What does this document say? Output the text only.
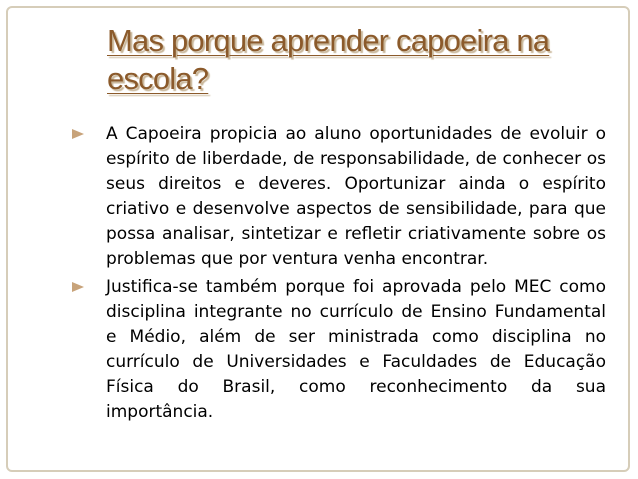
Mas porque aprender capoeira na escola?
A Capoeira propicia ao aluno oportunidades de evoluir o espírito de liberdade, de responsabilidade, de conhecer os seus direitos e deveres. Oportunizar ainda o espírito criativo e desenvolve aspectos de sensibilidade, para que possa analisar, sintetizar e refletir criativamente sobre os problemas que por ventura venha encontrar.
Justifica-se também porque foi aprovada pelo MEC como disciplina integrante no currículo de Ensino Fundamental e Médio, além de ser ministrada como disciplina no currículo de Universidades e Faculdades de Educação Física do Brasil, como reconhecimento da sua importância.
